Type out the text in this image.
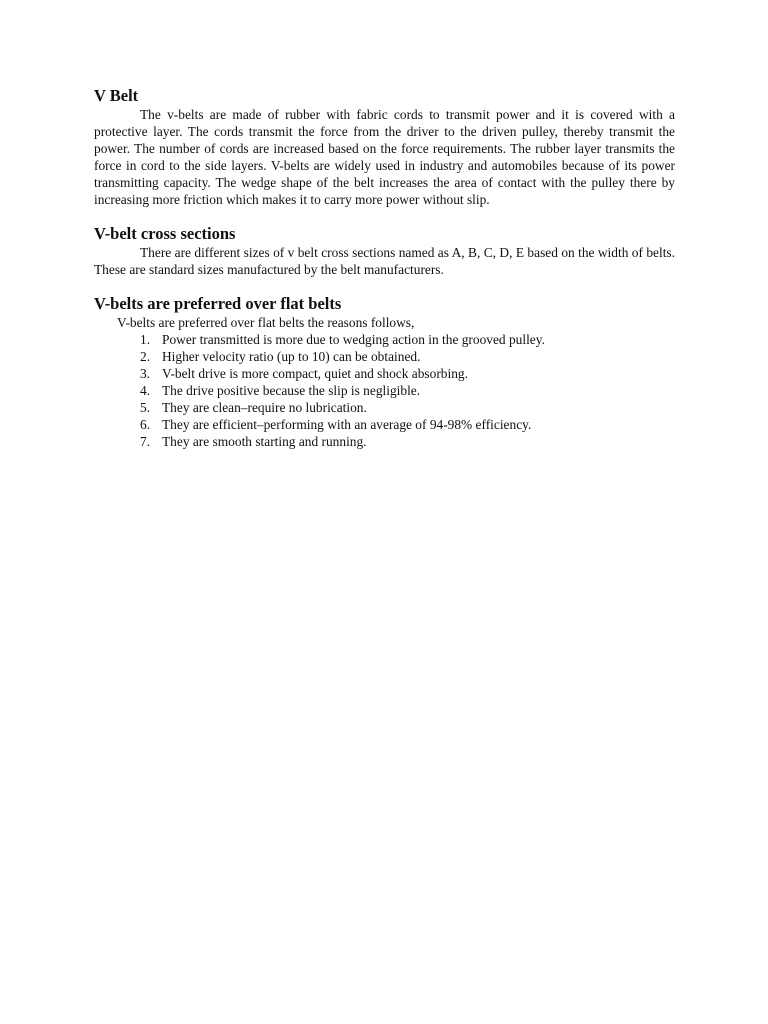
V Belt

The v-belts are made of rubber with fabric cords to transmit power and it is covered with a protective layer. The cords transmit the force from the driver to the driven pulley, thereby transmit the power. The number of cords are increased based on the force requirements. The rubber layer transmits the force in cord to the side layers. V-belts are widely used in industry and automobiles because of its power transmitting capacity. The wedge shape of the belt increases the area of contact with the pulley there by increasing more friction which makes it to carry more power without slip.

V-belt cross sections

There are different sizes of v belt cross sections named as A, B, C, D, E based on the width of belts. These are standard sizes manufactured by the belt manufacturers.

V-belts are preferred over flat belts

V-belts are preferred over flat belts the reasons follows,

1. Power transmitted is more due to wedging action in the grooved pulley.
2. Higher velocity ratio (up to 10) can be obtained.
3. V-belt drive is more compact, quiet and shock absorbing.
4. The drive positive because the slip is negligible.
5. They are clean–require no lubrication.
6. They are efficient–performing with an average of 94-98% efficiency.
7. They are smooth starting and running.
